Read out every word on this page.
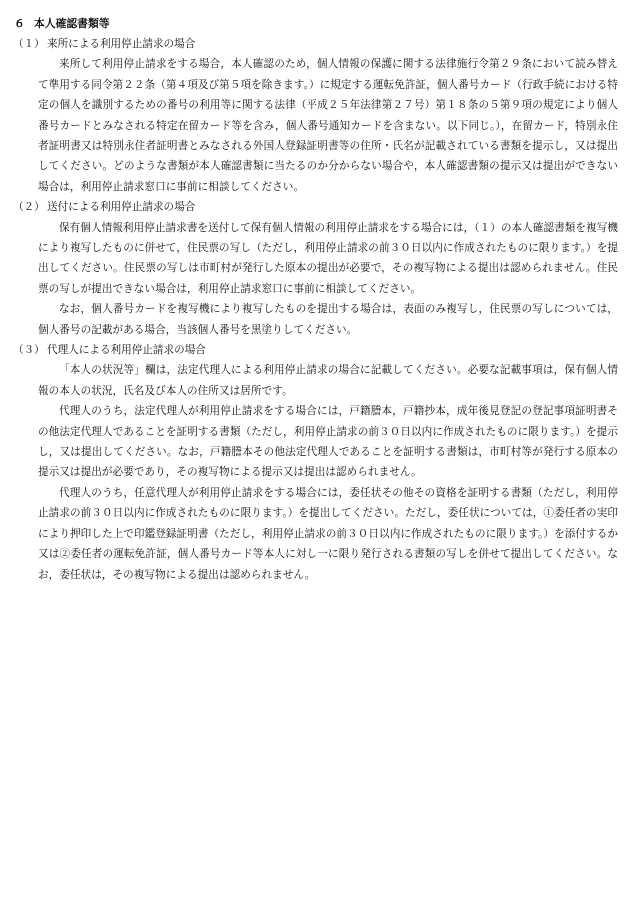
６ 本人確認書類等

（１） 来所による利用停止請求の場合

来所して利用停止請求をする場合，本人確認のため，個人情報の保護に関する法律施行令第２９条において読み替えて準用する同令第２２条（第４項及び第５項を除きます。）に規定する運転免許証，個人番号カード（行政手続における特定の個人を識別するための番号の利用等に関する法律（平成２５年法律第２７号）第１８条の５第９項の規定により個人番号カードとみなされる特定在留カード等を含み，個人番号通知カードを含まない。以下同じ。），在留カード，特別永住者証明書又は特別永住者証明書とみなされる外国人登録証明書等の住所・氏名が記載されている書類を提示し，又は提出してください。どのような書類が本人確認書類に当たるのか分からない場合や，本人確認書類の提示又は提出ができない場合は，利用停止請求窓口に事前に相談してください。

（２） 送付による利用停止請求の場合

保有個人情報利用停止請求書を送付して保有個人情報の利用停止請求をする場合には，（１）の本人確認書類を複写機により複写したものに併せて，住民票の写し（ただし，利用停止請求の前３０日以内に作成されたものに限ります。）を提出してください。住民票の写しは市町村が発行した原本の提出が必要で，その複写物による提出は認められません。住民票の写しが提出できない場合は，利用停止請求窓口に事前に相談してください。

なお，個人番号カードを複写機により複写したものを提出する場合は，表面のみ複写し，住民票の写しについては，個人番号の記載がある場合，当該個人番号を黒塗りしてください。

（３） 代理人による利用停止請求の場合

「本人の状況等」欄は，法定代理人による利用停止請求の場合に記載してください。必要な記載事項は，保有個人情報の本人の状況，氏名及び本人の住所又は居所です。

代理人のうち，法定代理人が利用停止請求をする場合には，戸籍謄本，戸籍抄本，成年後見登記の登記事項証明書その他法定代理人であることを証明する書類（ただし，利用停止請求の前３０日以内に作成されたものに限ります。）を提示し，又は提出してください。なお，戸籍謄本その他法定代理人であることを証明する書類は，市町村等が発行する原本の提示又は提出が必要であり，その複写物による提示又は提出は認められません。

代理人のうち，任意代理人が利用停止請求をする場合には，委任状その他その資格を証明する書類（ただし，利用停止請求の前３０日以内に作成されたものに限ります。）を提出してください。ただし，委任状については，①委任者の実印により押印した上で印鑑登録証明書（ただし，利用停止請求の前３０日以内に作成されたものに限ります。）を添付するか又は②委任者の運転免許証，個人番号カード等本人に対し一に限り発行される書類の写しを併せて提出してください。なお，委任状は，その複写物による提出は認められません。
